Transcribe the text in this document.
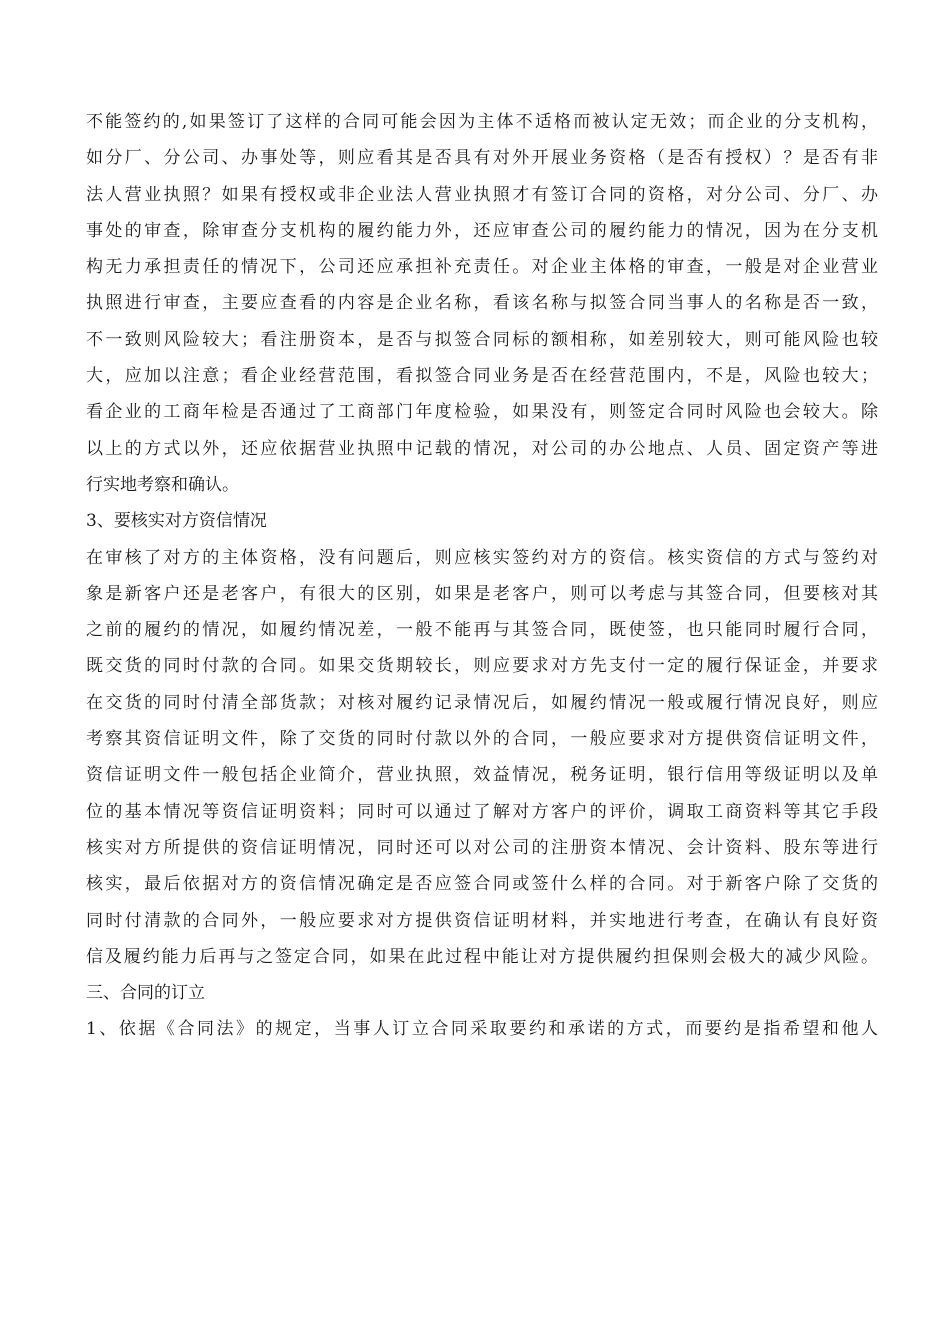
不能签约的,如果签订了这样的合同可能会因为主体不适格而被认定无效；而企业的分支机构，
如分厂、分公司、办事处等，则应看其是否具有对外开展业务资格（是否有授权）？是否有非
法人营业执照？如果有授权或非企业法人营业执照才有签订合同的资格，对分公司、分厂、办
事处的审查，除审查分支机构的履约能力外，还应审查公司的履约能力的情况，因为在分支机
构无力承担责任的情况下，公司还应承担补充责任。对企业主体格的审查，一般是对企业营业
执照进行审查，主要应查看的内容是企业名称，看该名称与拟签合同当事人的名称是否一致，
不一致则风险较大；看注册资本，是否与拟签合同标的额相称，如差别较大，则可能风险也较
大，应加以注意；看企业经营范围，看拟签合同业务是否在经营范围内，不是，风险也较大；
看企业的工商年检是否通过了工商部门年度检验，如果没有，则签定合同时风险也会较大。除
以上的方式以外，还应依据营业执照中记载的情况，对公司的办公地点、人员、固定资产等进
行实地考察和确认。
3、要核实对方资信情况
在审核了对方的主体资格，没有问题后，则应核实签约对方的资信。核实资信的方式与签约对
象是新客户还是老客户，有很大的区别，如果是老客户，则可以考虑与其签合同，但要核对其
之前的履约的情况，如履约情况差，一般不能再与其签合同，既使签，也只能同时履行合同，
既交货的同时付款的合同。如果交货期较长，则应要求对方先支付一定的履行保证金，并要求
在交货的同时付清全部货款；对核对履约记录情况后，如履约情况一般或履行情况良好，则应
考察其资信证明文件，除了交货的同时付款以外的合同，一般应要求对方提供资信证明文件，
资信证明文件一般包括企业简介，营业执照，效益情况，税务证明，银行信用等级证明以及单
位的基本情况等资信证明资料；同时可以通过了解对方客户的评价，调取工商资料等其它手段
核实对方所提供的资信证明情况，同时还可以对公司的注册资本情况、会计资料、股东等进行
核实，最后依据对方的资信情况确定是否应签合同或签什么样的合同。对于新客户除了交货的
同时付清款的合同外，一般应要求对方提供资信证明材料，并实地进行考查，在确认有良好资
信及履约能力后再与之签定合同，如果在此过程中能让对方提供履约担保则会极大的减少风险。
三、合同的订立
1、依据《合同法》的规定，当事人订立合同采取要约和承诺的方式，而要约是指希望和他人
